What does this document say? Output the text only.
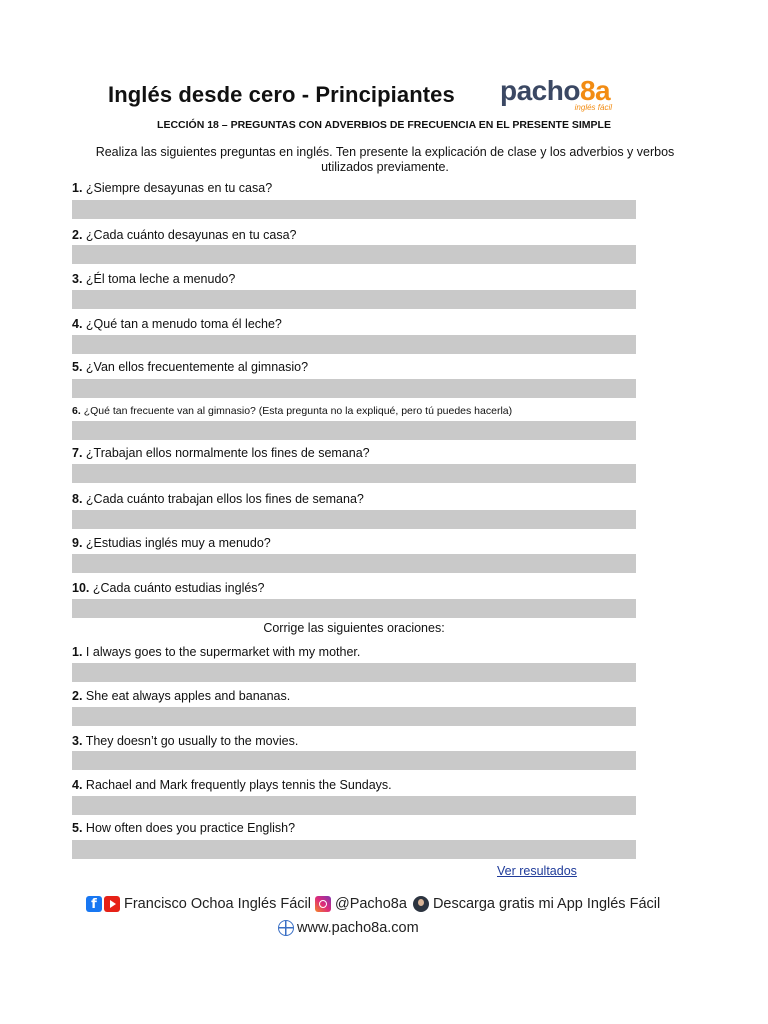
Inglés desde cero - Principiantes pacho8a
inglés fácil
LECCIÓN 18 – PREGUNTAS CON ADVERBIOS DE FRECUENCIA EN EL PRESENTE SIMPLE
Realiza las siguientes preguntas en inglés. Ten presente la explicación de clase y los adverbios y verbos utilizados previamente.
1. ¿Siempre desayunas en tu casa?
2. ¿Cada cuánto desayunas en tu casa?
3. ¿Él toma leche a menudo?
4. ¿Qué tan a menudo toma él leche?
5. ¿Van ellos frecuentemente al gimnasio?
6. ¿Qué tan frecuente van al gimnasio? (Esta pregunta no la expliqué, pero tú puedes hacerla)
7. ¿Trabajan ellos normalmente los fines de semana?
8. ¿Cada cuánto trabajan ellos los fines de semana?
9. ¿Estudias inglés muy a menudo?
10. ¿Cada cuánto estudias inglés?
Corrige las siguientes oraciones:
1. I always goes to the supermarket with my mother.
2. She eat always apples and bananas.
3. They doesn’t go usually to the movies.
4. Rachael and Mark frequently plays tennis the Sundays.
5. How often does you practice English?
Ver resultados
f	Francisco Ochoa Inglés Fácil @Pacho8a Descarga gratis mi App Inglés Fácil
www.pacho8a.com
